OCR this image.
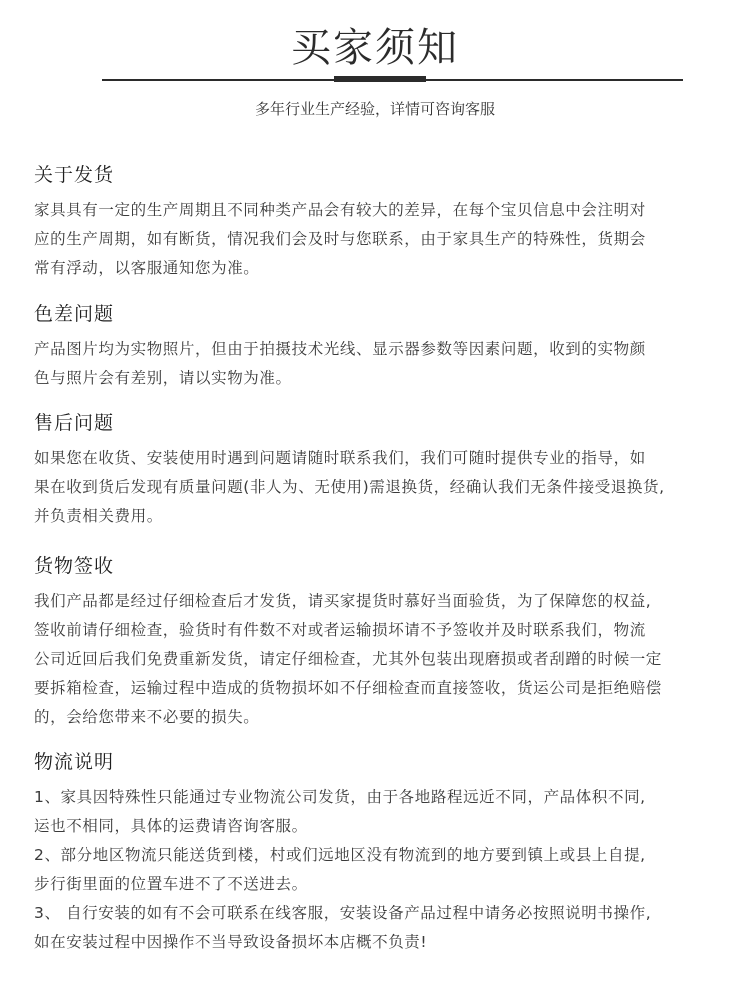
买家须知
多年行业生产经验，详情可咨询客服
关于发货

家具具有一定的生产周期且不同种类产品会有较大的差异，在每个宝贝信息中会注明对
应的生产周期，如有断货，情况我们会及时与您联系，由于家具生产的特殊性，货期会
常有浮动，以客服通知您为准。

色差问题

产品图片均为实物照片，但由于拍摄技术光线、显示器参数等因素问题，收到的实物颜
色与照片会有差别，请以实物为准。

售后问题

如果您在收货、安装使用时遇到问题请随时联系我们，我们可随时提供专业的指导，如
果在收到货后发现有质量问题(非人为、无使用)需退换货，经确认我们无条件接受退换货,
并负责相关费用。

货物签收

我们产品都是经过仔细检查后才发货，请买家提货时慕好当面验货，为了保障您的权益,
签收前请仔细检查，验货时有件数不对或者运输损坏请不予签收并及时联系我们，物流
公司近回后我们免费重新发货，请定仔细检查，尤其外包装出现磨损或者刮蹭的时候一定
要拆箱检查，运输过程中造成的货物损坏如不仔细检查而直接签收，货运公司是拒绝赔偿
的，会给您带来不必要的损失。

物流说明

1、家具因特殊性只能通过专业物流公司发货，由于各地路程远近不同，产品体积不同,
运也不相同，具体的运费请咨询客服。
2、部分地区物流只能送货到楼，村或们远地区没有物流到的地方要到镇上或县上自提,
步行街里面的位置车进不了不送进去。
3、 自行安装的如有不会可联系在线客服，安装设备产品过程中请务必按照说明书操作,
如在安装过程中因操作不当导致设备损坏本店概不负责!
